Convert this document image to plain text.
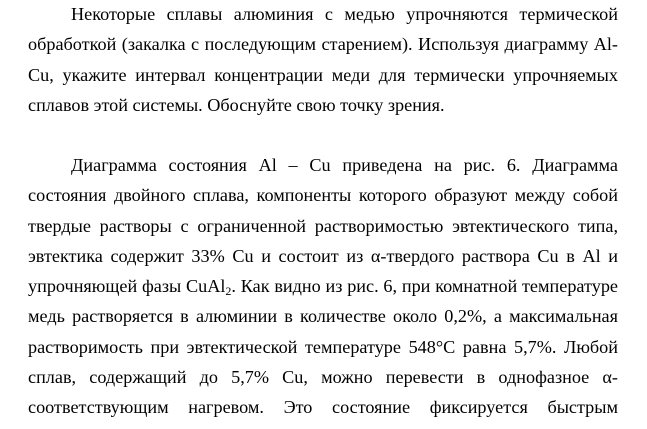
Некоторые сплавы алюминия с медью упрочняются термической
обработкой (закалка с последующим старением). Используя диаграмму Al-
Cu, укажите интервал концентрации меди для термически упрочняемых
сплавов этой системы. Обоснуйте свою точку зрения.
Диаграмма состояния Al – Cu приведена на рис. 6. Диаграмма
состояния двойного сплава, компоненты которого образуют между собой
твердые растворы с ограниченной растворимостью эвтектического типа,
эвтектика содержит 33% Cu и состоит из α-твердого раствора Cu в Al и
упрочняющей фазы CuAl$_2$. Как видно из рис. 6, при комнатной температуре
медь растворяется в алюминии в количестве около 0,2%, а максимальная
растворимость при эвтектической температуре 548°С равна 5,7%. Любой
сплав, содержащий до 5,7% Cu, можно перевести в однофазное α-
соответствующим нагревом. Это состояние фиксируется быстрым
